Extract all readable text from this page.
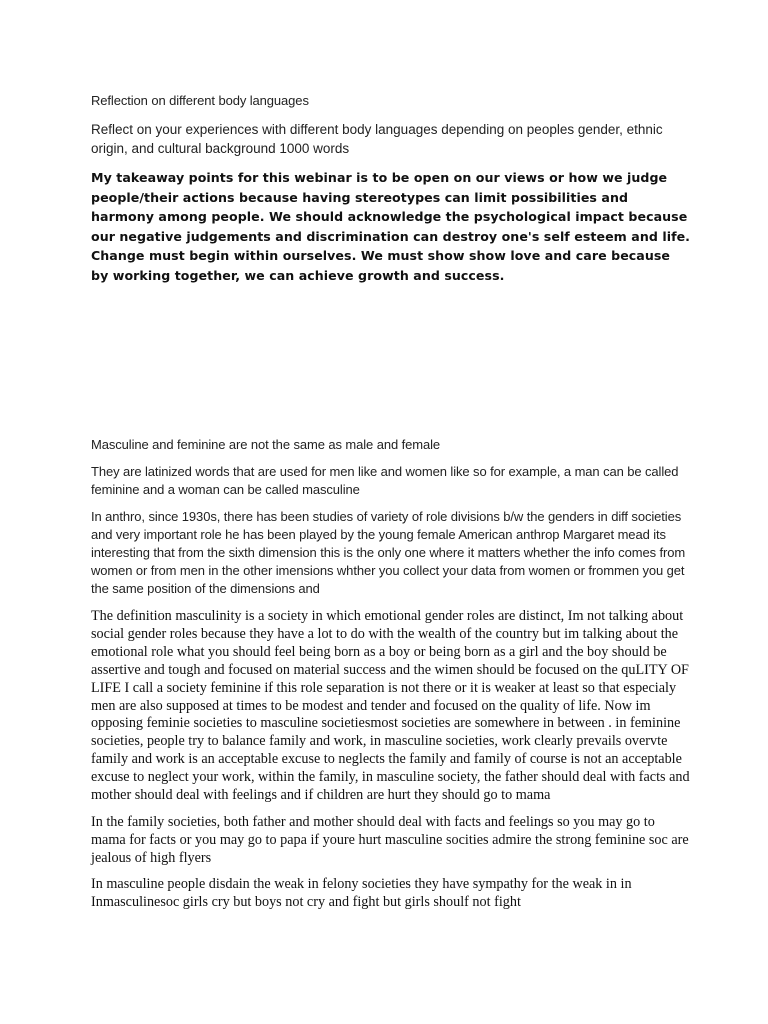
Reflection on different body languages

Reflect on your experiences with different body languages depending on peoples gender, ethnic origin, and cultural background 1000 words

My takeaway points for this webinar is to be open on our views or how we judge people/their actions because having stereotypes can limit possibilities and harmony among people. We should acknowledge the psychological impact because our negative judgements and discrimination can destroy one's self esteem and life. Change must begin within ourselves. We must show show love and care because by working together, we can achieve growth and success.

Masculine and feminine are not the same as male and female

They are latinized words that are used for men like and women like so for example, a man can be called feminine and a woman can be called masculine

In anthro, since 1930s, there has been studies of variety of role divisions b/w the genders in diff societies and very important role he has been played by the young female American anthrop Margaret mead its interesting that from the sixth dimension this is the only one where it matters whether the info comes from women or from men in the other imensions whther you collect your data from women or frommen you get the same position of the dimensions and

The definition masculinity is a society in which emotional gender roles are distinct, Im not talking about social gender roles because they have a lot to do with the wealth of the country but im talking about the emotional role what you should feel being born as a boy or being born as a girl and the boy should be assertive and tough and focused on material success and the wimen should be focused on the quLITY OF LIFE I call a society feminine if this role separation is not there or it is weaker at least so that especialy men are also supposed at times to be modest and tender and focused on the quality of life. Now im opposing feminie societies to masculine societiesmost societies are somewhere in between . in feminine societies, people try to balance family and work, in masculine societies, work clearly prevails overvte family and work is an acceptable excuse to neglects the family and family of course is not an acceptable excuse to neglect your work, within the family, in masculine society, the father should deal with facts and mother should deal with feelings and if children are hurt they should go to mama

In the family societies, both father and mother should deal with facts and feelings so you may go to mama for facts or you may go to papa if youre hurt masculine socities admire the strong feminine soc are jealous of high flyers

In masculine people disdain the weak in felony societies they have sympathy for the weak in in Inmasculinesoc girls cry but boys not cry and fight but girls shoulf not fight
